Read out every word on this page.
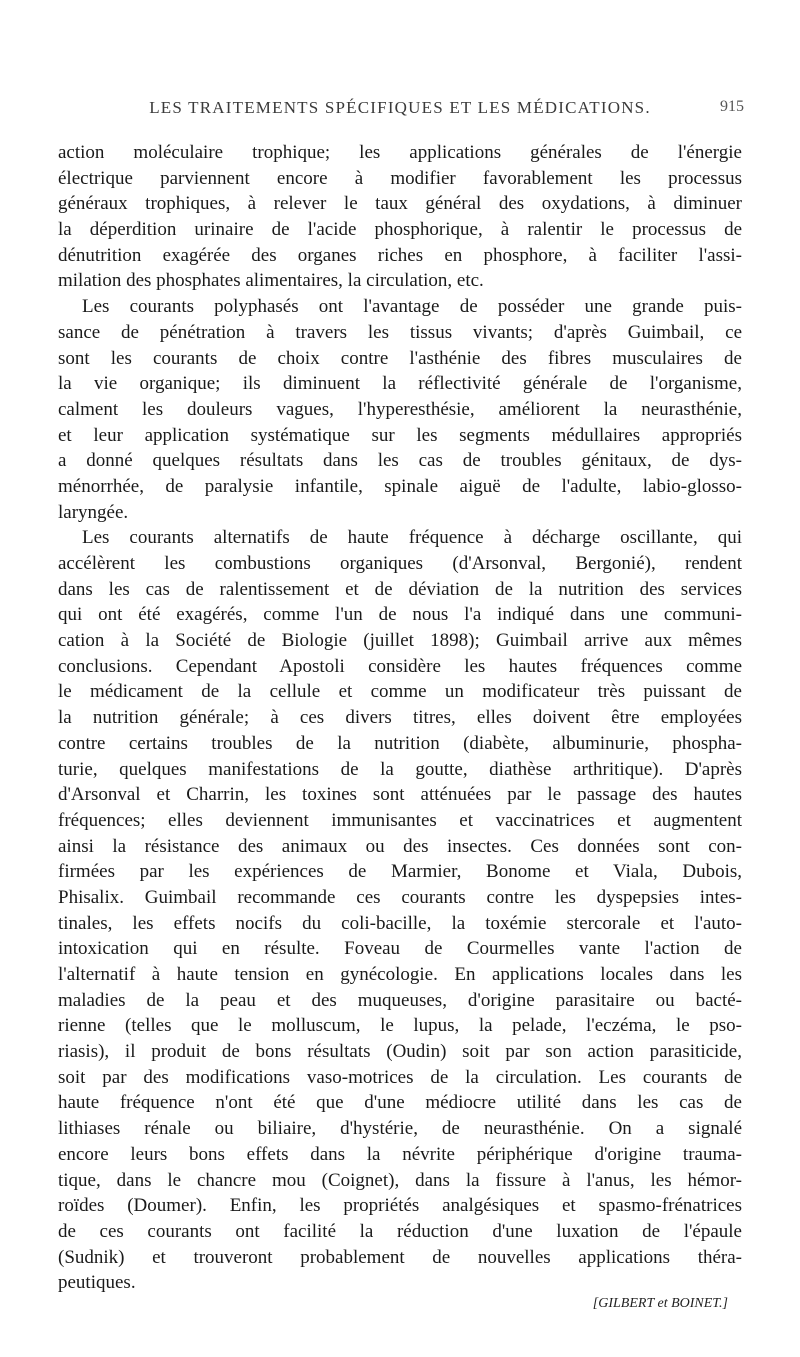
LES TRAITEMENTS SPÉCIFIQUES ET LES MÉDICATIONS.	915
action moléculaire trophique; les applications générales de l'énergie
électrique parviennent encore à modifier favorablement les processus
généraux trophiques, à relever le taux général des oxydations, à diminuer
la déperdition urinaire de l'acide phosphorique, à ralentir le processus de
dénutrition exagérée des organes riches en phosphore, à faciliter l'assi-
milation des phosphates alimentaires, la circulation, etc.
Les courants polyphasés ont l'avantage de posséder une grande puis-
sance de pénétration à travers les tissus vivants; d'après Guimbail, ce
sont les courants de choix contre l'asthénie des fibres musculaires de
la vie organique; ils diminuent la réflectivité générale de l'organisme,
calment les douleurs vagues, l'hyperesthésie, améliorent la neurasthénie,
et leur application systématique sur les segments médullaires appropriés
a donné quelques résultats dans les cas de troubles génitaux, de dys-
ménorrhée, de paralysie infantile, spinale aiguë de l'adulte, labio-glosso-
laryngée.
Les courants alternatifs de haute fréquence à décharge oscillante, qui
accélèrent les combustions organiques (d'Arsonval, Bergonié), rendent
dans les cas de ralentissement et de déviation de la nutrition des services
qui ont été exagérés, comme l'un de nous l'a indiqué dans une communi-
cation à la Société de Biologie (juillet 1898); Guimbail arrive aux mêmes
conclusions. Cependant Apostoli considère les hautes fréquences comme
le médicament de la cellule et comme un modificateur très puissant de
la nutrition générale; à ces divers titres, elles doivent être employées
contre certains troubles de la nutrition (diabète, albuminurie, phospha-
turie, quelques manifestations de la goutte, diathèse arthritique). D'après
d'Arsonval et Charrin, les toxines sont atténuées par le passage des hautes
fréquences; elles deviennent immunisantes et vaccinatrices et augmentent
ainsi la résistance des animaux ou des insectes. Ces données sont con-
firmées par les expériences de Marmier, Bonome et Viala, Dubois,
Phisalix. Guimbail recommande ces courants contre les dyspepsies intes-
tinales, les effets nocifs du coli-bacille, la toxémie stercorale et l'auto-
intoxication qui en résulte. Foveau de Courmelles vante l'action de
l'alternatif à haute tension en gynécologie. En applications locales dans les
maladies de la peau et des muqueuses, d'origine parasitaire ou bacté-
rienne (telles que le molluscum, le lupus, la pelade, l'eczéma, le pso-
riasis), il produit de bons résultats (Oudin) soit par son action parasiticide,
soit par des modifications vaso-motrices de la circulation. Les courants de
haute fréquence n'ont été que d'une médiocre utilité dans les cas de
lithiases rénale ou biliaire, d'hystérie, de neurasthénie. On a signalé
encore leurs bons effets dans la névrite périphérique d'origine trauma-
tique, dans le chancre mou (Coignet), dans la fissure à l'anus, les hémor-
roïdes (Doumer). Enfin, les propriétés analgésiques et spasmo-frénatrices
de ces courants ont facilité la réduction d'une luxation de l'épaule
(Sudnik) et trouveront probablement de nouvelles applications théra-
peutiques.
[GILBERT et BOINET.]
